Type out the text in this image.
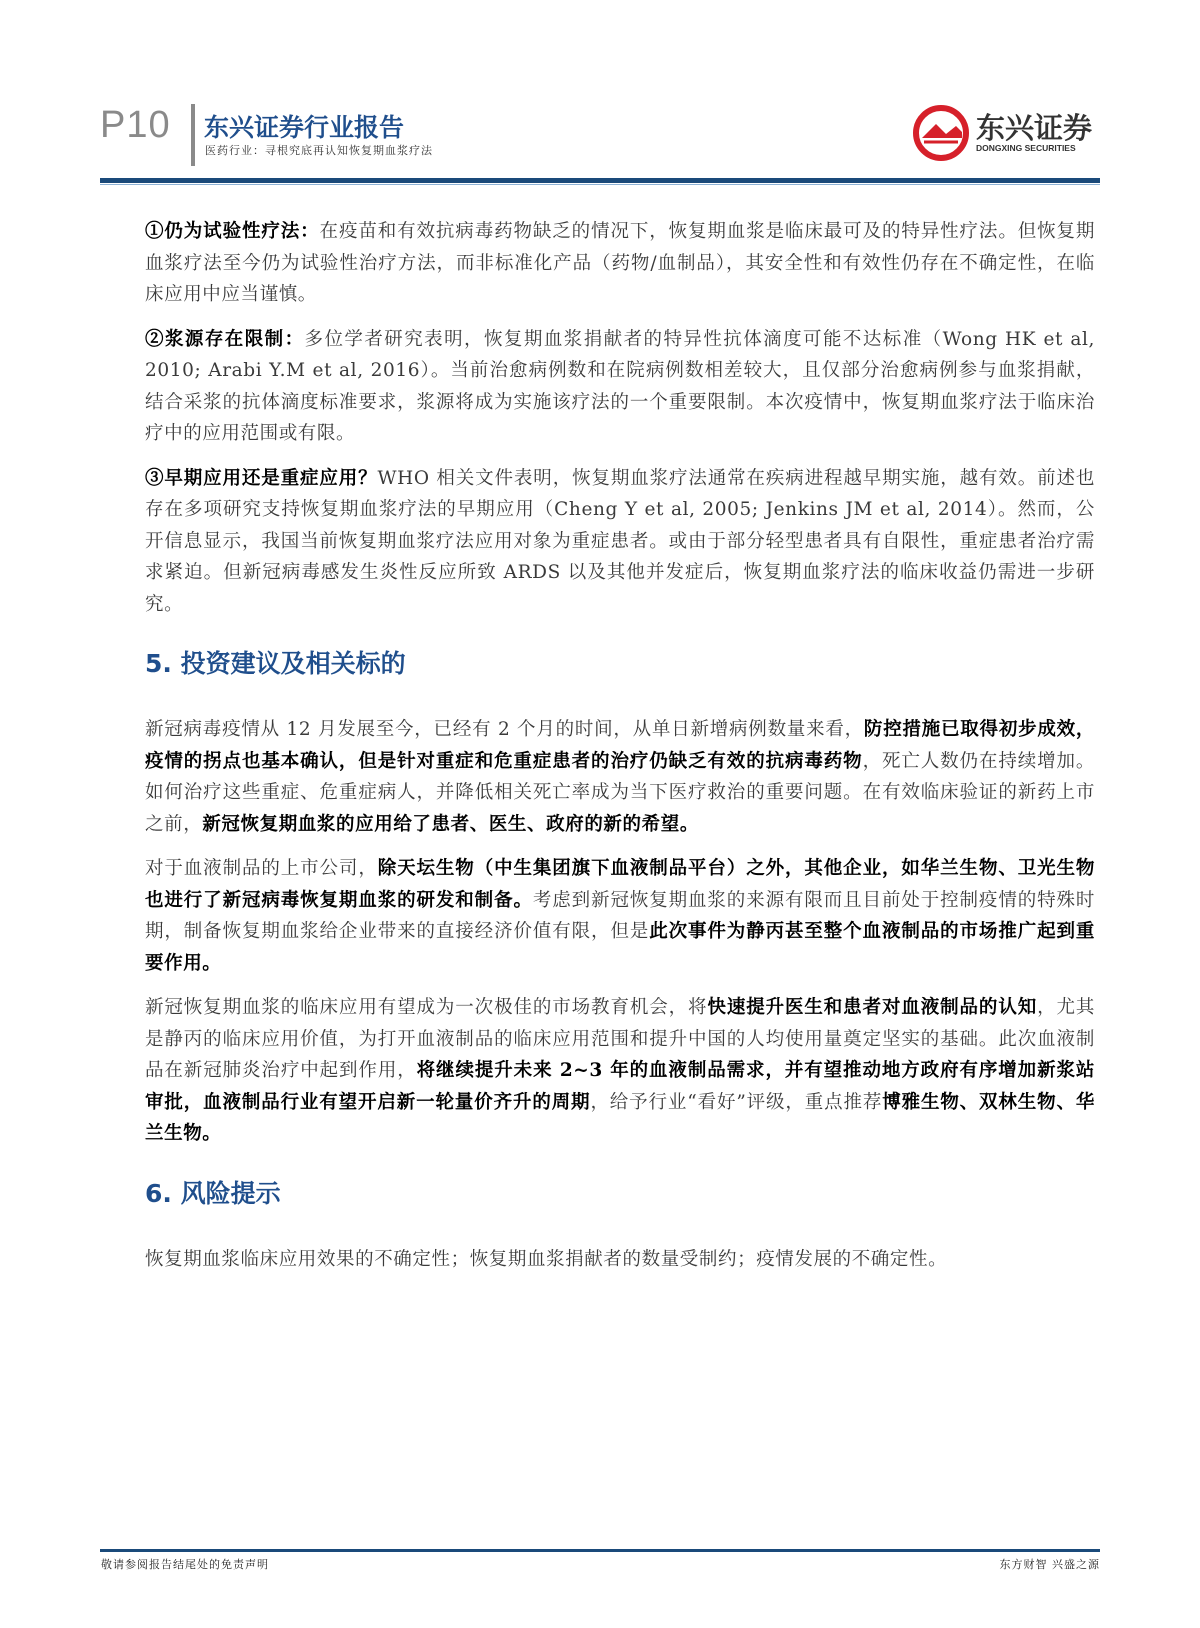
P10 东兴证券行业报告
医药行业：寻根究底再认知恢复期血浆疗法
东兴证券
DONGXING SECURITIES

①仍为试验性疗法：在疫苗和有效抗病毒药物缺乏的情况下，恢复期血浆是临床最可及的特异性疗法。但恢复期血浆疗法至今仍为试验性治疗方法，而非标准化产品（药物/血制品），其安全性和有效性仍存在不确定性，在临床应用中应当谨慎。

②浆源存在限制：多位学者研究表明，恢复期血浆捐献者的特异性抗体滴度可能不达标准（Wong HK et al, 2010; Arabi Y.M et al, 2016）。当前治愈病例数和在院病例数相差较大，且仅部分治愈病例参与血浆捐献，结合采浆的抗体滴度标准要求，浆源将成为实施该疗法的一个重要限制。本次疫情中，恢复期血浆疗法于临床治疗中的应用范围或有限。

③早期应用还是重症应用？WHO 相关文件表明，恢复期血浆疗法通常在疾病进程越早期实施，越有效。前述也存在多项研究支持恢复期血浆疗法的早期应用（Cheng Y et al, 2005; Jenkins JM et al, 2014）。然而，公开信息显示，我国当前恢复期血浆疗法应用对象为重症患者。或由于部分轻型患者具有自限性，重症患者治疗需求紧迫。但新冠病毒感发生炎性反应所致 ARDS 以及其他并发症后，恢复期血浆疗法的临床收益仍需进一步研究。

5. 投资建议及相关标的

新冠病毒疫情从 12 月发展至今，已经有 2 个月的时间，从单日新增病例数量来看，防控措施已取得初步成效，疫情的拐点也基本确认，但是针对重症和危重症患者的治疗仍缺乏有效的抗病毒药物，死亡人数仍在持续增加。如何治疗这些重症、危重症病人，并降低相关死亡率成为当下医疗救治的重要问题。在有效临床验证的新药上市之前，新冠恢复期血浆的应用给了患者、医生、政府的新的希望。

对于血液制品的上市公司，除天坛生物（中生集团旗下血液制品平台）之外，其他企业，如华兰生物、卫光生物也进行了新冠病毒恢复期血浆的研发和制备。考虑到新冠恢复期血浆的来源有限而且目前处于控制疫情的特殊时期，制备恢复期血浆给企业带来的直接经济价值有限，但是此次事件为静丙甚至整个血液制品的市场推广起到重要作用。

新冠恢复期血浆的临床应用有望成为一次极佳的市场教育机会，将快速提升医生和患者对血液制品的认知，尤其是静丙的临床应用价值，为打开血液制品的临床应用范围和提升中国的人均使用量奠定坚实的基础。此次血液制品在新冠肺炎治疗中起到作用，将继续提升未来 2~3 年的血液制品需求，并有望推动地方政府有序增加新浆站审批，血液制品行业有望开启新一轮量价齐升的周期，给予行业“看好”评级，重点推荐博雅生物、双林生物、华兰生物。

6. 风险提示

恢复期血浆临床应用效果的不确定性；恢复期血浆捐献者的数量受制约；疫情发展的不确定性。

敬请参阅报告结尾处的免责声明	东方财智 兴盛之源
